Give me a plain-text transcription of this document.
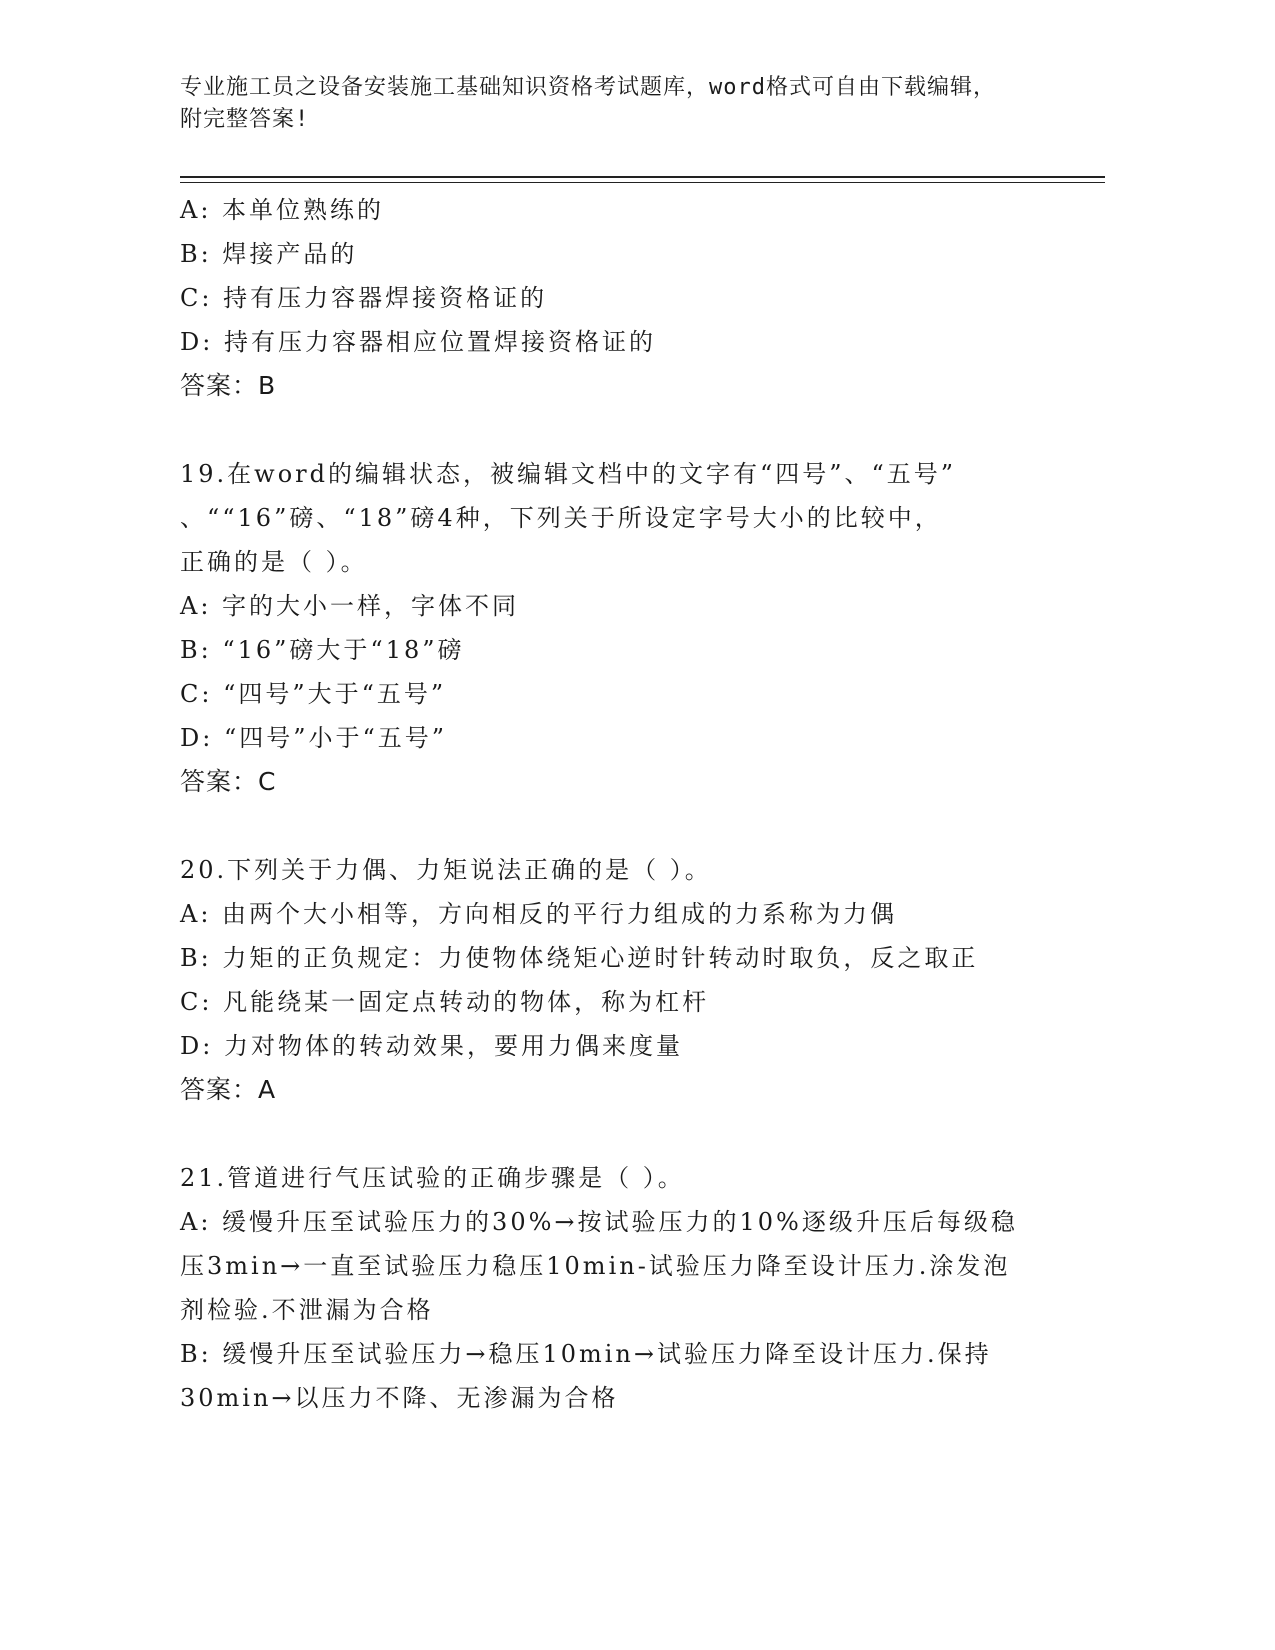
专业施工员之设备安装施工基础知识资格考试题库，word格式可自由下载编辑，
附完整答案!
A: 本单位熟练的
B: 焊接产品的
C: 持有压力容器焊接资格证的
D: 持有压力容器相应位置焊接资格证的
答案：B
19.在word的编辑状态，被编辑文档中的文字有“四号”、“五号”
、““16”磅、“18”磅4种，下列关于所设定字号大小的比较中，
正确的是（ ）。
A: 字的大小一样，字体不同
B: “16”磅大于“18”磅
C: “四号”大于“五号”
D: “四号”小于“五号”
答案：C
20.下列关于力偶、力矩说法正确的是（ ）。
A: 由两个大小相等，方向相反的平行力组成的力系称为力偶
B: 力矩的正负规定：力使物体绕矩心逆时针转动时取负，反之取正
C: 凡能绕某一固定点转动的物体，称为杠杆
D: 力对物体的转动效果，要用力偶来度量
答案：A
21.管道进行气压试验的正确步骤是（ ）。
A: 缓慢升压至试验压力的30%→按试验压力的10%逐级升压后每级稳
压3min→一直至试验压力稳压10min-试验压力降至设计压力.涂发泡
剂检验.不泄漏为合格
B: 缓慢升压至试验压力→稳压10min→试验压力降至设计压力.保持
30min→以压力不降、无渗漏为合格
